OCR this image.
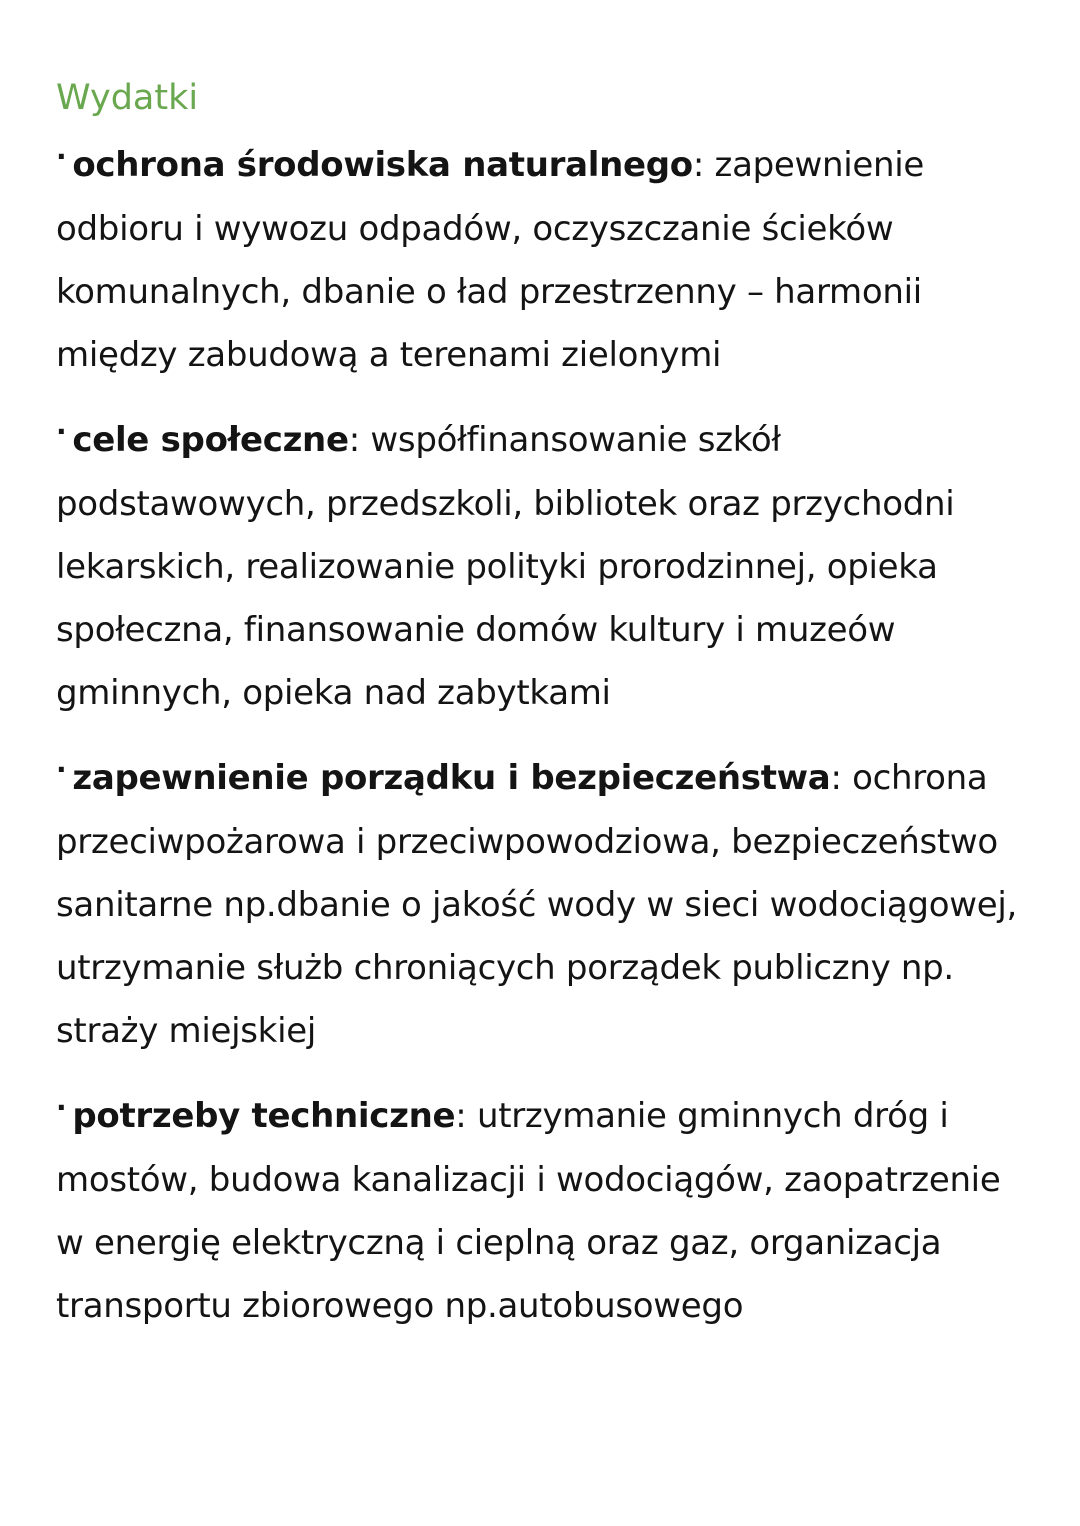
Wydatki

· ochrona środowiska naturalnego: zapewnienie odbioru i wywozu odpadów, oczyszczanie ścieków komunalnych, dbanie o ład przestrzenny – harmonii między zabudową a terenami zielonymi

· cele społeczne: współfinansowanie szkół podstawowych, przedszkoli, bibliotek oraz przychodni lekarskich, realizowanie polityki prorodzinnej, opieka społeczna, finansowanie domów kultury i muzeów gminnych, opieka nad zabytkami

· zapewnienie porządku i bezpieczeństwa: ochrona przeciwpożarowa i przeciwpowodziowa, bezpieczeństwo sanitarne np.dbanie o jakość wody w sieci wodociągowej, utrzymanie służb chroniących porządek publiczny np. straży miejskiej

· potrzeby techniczne: utrzymanie gminnych dróg i mostów, budowa kanalizacji i wodociągów, zaopatrzenie w energię elektryczną i cieplną oraz gaz, organizacja transportu zbiorowego np.autobusowego
